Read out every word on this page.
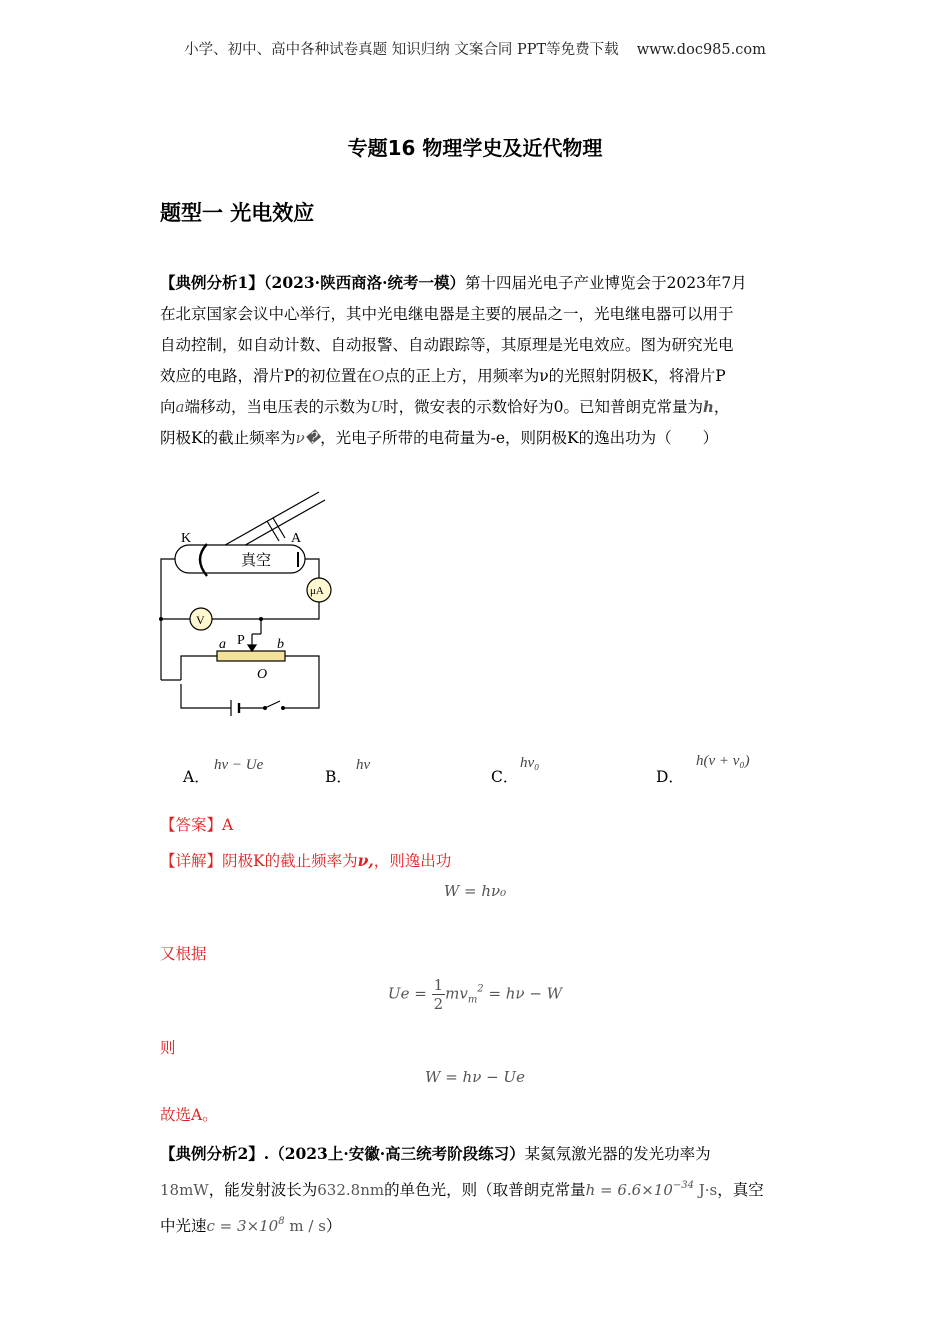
小学、初中、高中各种试卷真题 知识归纳 文案合同 PPT等免费下载 www.doc985.com
专题16 物理学史及近代物理
题型一 光电效应
【典例分析1】（2023·陕西商洛·统考一模）第十四届光电子产业博览会于2023年7月
在北京国家会议中心举行，其中光电继电器是主要的展品之一，光电继电器可以用于
自动控制，如自动计数、自动报警、自动跟踪等，其原理是光电效应。图为研究光电
效应的电路，滑片P的初位置在O点的正上方，用频率为ν的光照射阴极K，将滑片P
向a端移动，当电压表的示数为U时，微安表的示数恰好为0。已知普朗克常量为h，
阴极K的截止频率为ν�，光电子所带的电荷量为-e，则阴极K的逸出功为（　　）
K	A
真空
μA
V
P
a	b
O
A．
hν − Ue
B．
hν
C．
hν₀
D．
h(ν + ν₀)
【答案】A
【详解】阴极K的截止频率为ν,，则逸出功
W = hν₀
又根据
$Ue = \frac{1}{2} mv_m^2 = h\nu - W$
则
W = hν − Ue
故选A。
【典例分析2】.（2023上·安徽·高三统考阶段练习）某氦氖激光器的发光功率为
18mW，能发射波长为632.8nm的单色光，则（取普朗克常量$h = 6.6\times 10^{-34}$ J·s，真空
中光速$c = 3\times 10^8$ m / s）
